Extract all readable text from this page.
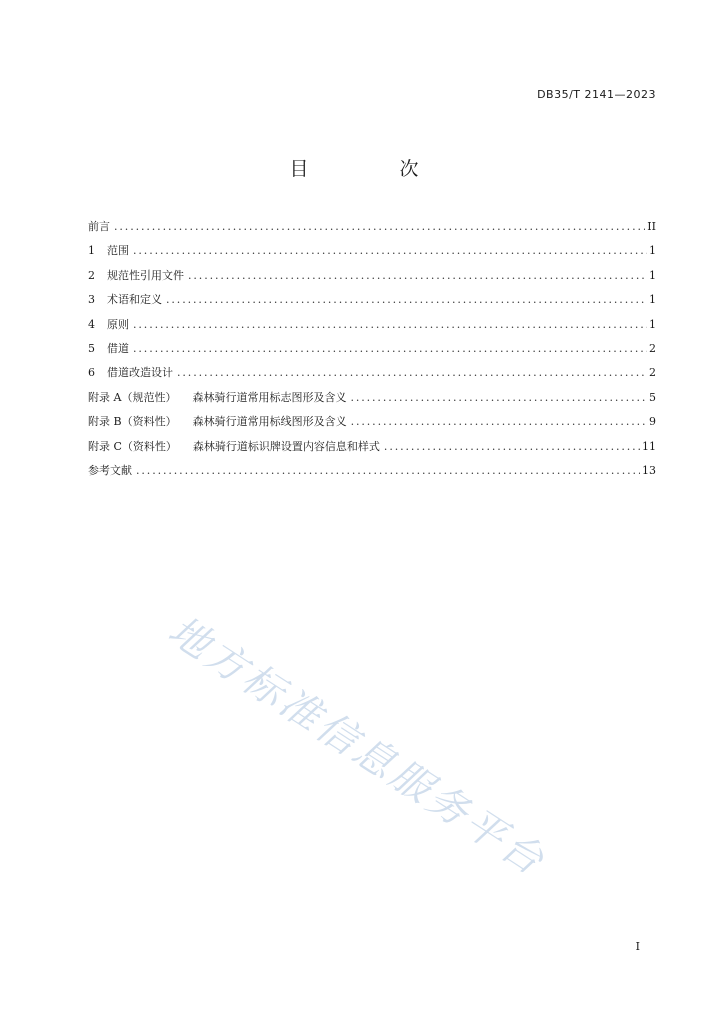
DB35/T 2141—2023
目　次
前言 .....	II
1 范围 .....	1
2 规范性引用文件 .....	1
3 术语和定义 .....	1
4 原则 .....	1
5 借道 .....	2
6 借道改造设计 .....	2
附录 A（规范性） 森林骑行道常用标志图形及含义 .....	5
附录 B（资料性） 森林骑行道常用标线图形及含义 .....	9
附录 C（资料性） 森林骑行道标识牌设置内容信息和样式 .....	11
参考文献 .....	13
地方标准信息服务平台
I
